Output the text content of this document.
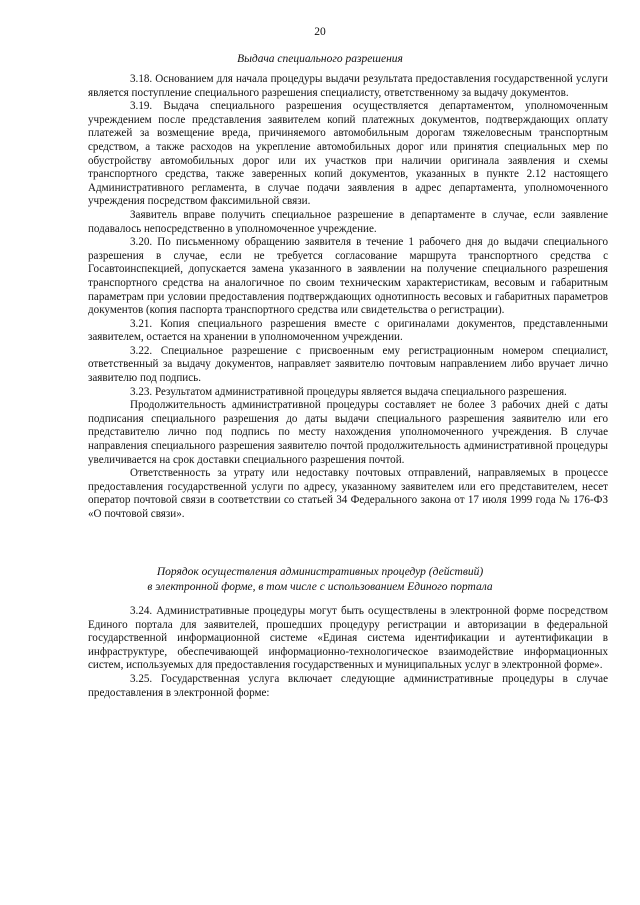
20
Выдача специального разрешения

3.18. Основанием для начала процедуры выдачи результата предоставления государственной услуги является поступление специального разрешения специалисту, ответственному за выдачу документов.

3.19. Выдача специального разрешения осуществляется департаментом, уполномоченным учреждением после представления заявителем копий платежных документов, подтверждающих оплату платежей за возмещение вреда, причиняемого автомобильным дорогам тяжеловесным транспортным средством, а также расходов на укрепление автомобильных дорог или принятия специальных мер по обустройству автомобильных дорог или их участков при наличии оригинала заявления и схемы транспортного средства, также заверенных копий документов, указанных в пункте 2.12 настоящего Административного регламента, в случае подачи заявления в адрес департамента, уполномоченного учреждения посредством факсимильной связи.

Заявитель вправе получить специальное разрешение в департаменте в случае, если заявление подавалось непосредственно в уполномоченное учреждение.

3.20. По письменному обращению заявителя в течение 1 рабочего дня до выдачи специального разрешения в случае, если не требуется согласование маршрута транспортного средства с Госавтоинспекцией, допускается замена указанного в заявлении на получение специального разрешения транспортного средства на аналогичное по своим техническим характеристикам, весовым и габаритным параметрам при условии предоставления подтверждающих однотипность весовых и габаритных параметров документов (копия паспорта транспортного средства или свидетельства о регистрации).

3.21. Копия специального разрешения вместе с оригиналами документов, представленными заявителем, остается на хранении в уполномоченном учреждении.

3.22. Специальное разрешение с присвоенным ему регистрационным номером специалист, ответственный за выдачу документов, направляет заявителю почтовым направлением либо вручает лично заявителю под подпись.

3.23. Результатом административной процедуры является выдача специального разрешения.

Продолжительность административной процедуры составляет не более 3 рабочих дней с даты подписания специального разрешения до даты выдачи специального разрешения заявителю или его представителю лично под подпись по месту нахождения уполномоченного учреждения. В случае направления специального разрешения заявителю почтой продолжительность административной процедуры увеличивается на срок доставки специального разрешения почтой.

Ответственность за утрату или недоставку почтовых отправлений, направляемых в процессе предоставления государственной услуги по адресу, указанному заявителем или его представителем, несет оператор почтовой связи в соответствии со статьей 34 Федерального закона от 17 июля 1999 года № 176-ФЗ «О почтовой связи».

Порядок осуществления административных процедур (действий)
в электронной форме, в том числе с использованием Единого портала

3.24. Административные процедуры могут быть осуществлены в электронной форме посредством Единого портала для заявителей, прошедших процедуру регистрации и авторизации в федеральной государственной информационной системе «Единая система идентификации и аутентификации в инфраструктуре, обеспечивающей информационно-технологическое взаимодействие информационных систем, используемых для предоставления государственных и муниципальных услуг в электронной форме».

3.25. Государственная услуга включает следующие административные процедуры в случае предоставления в электронной форме:
